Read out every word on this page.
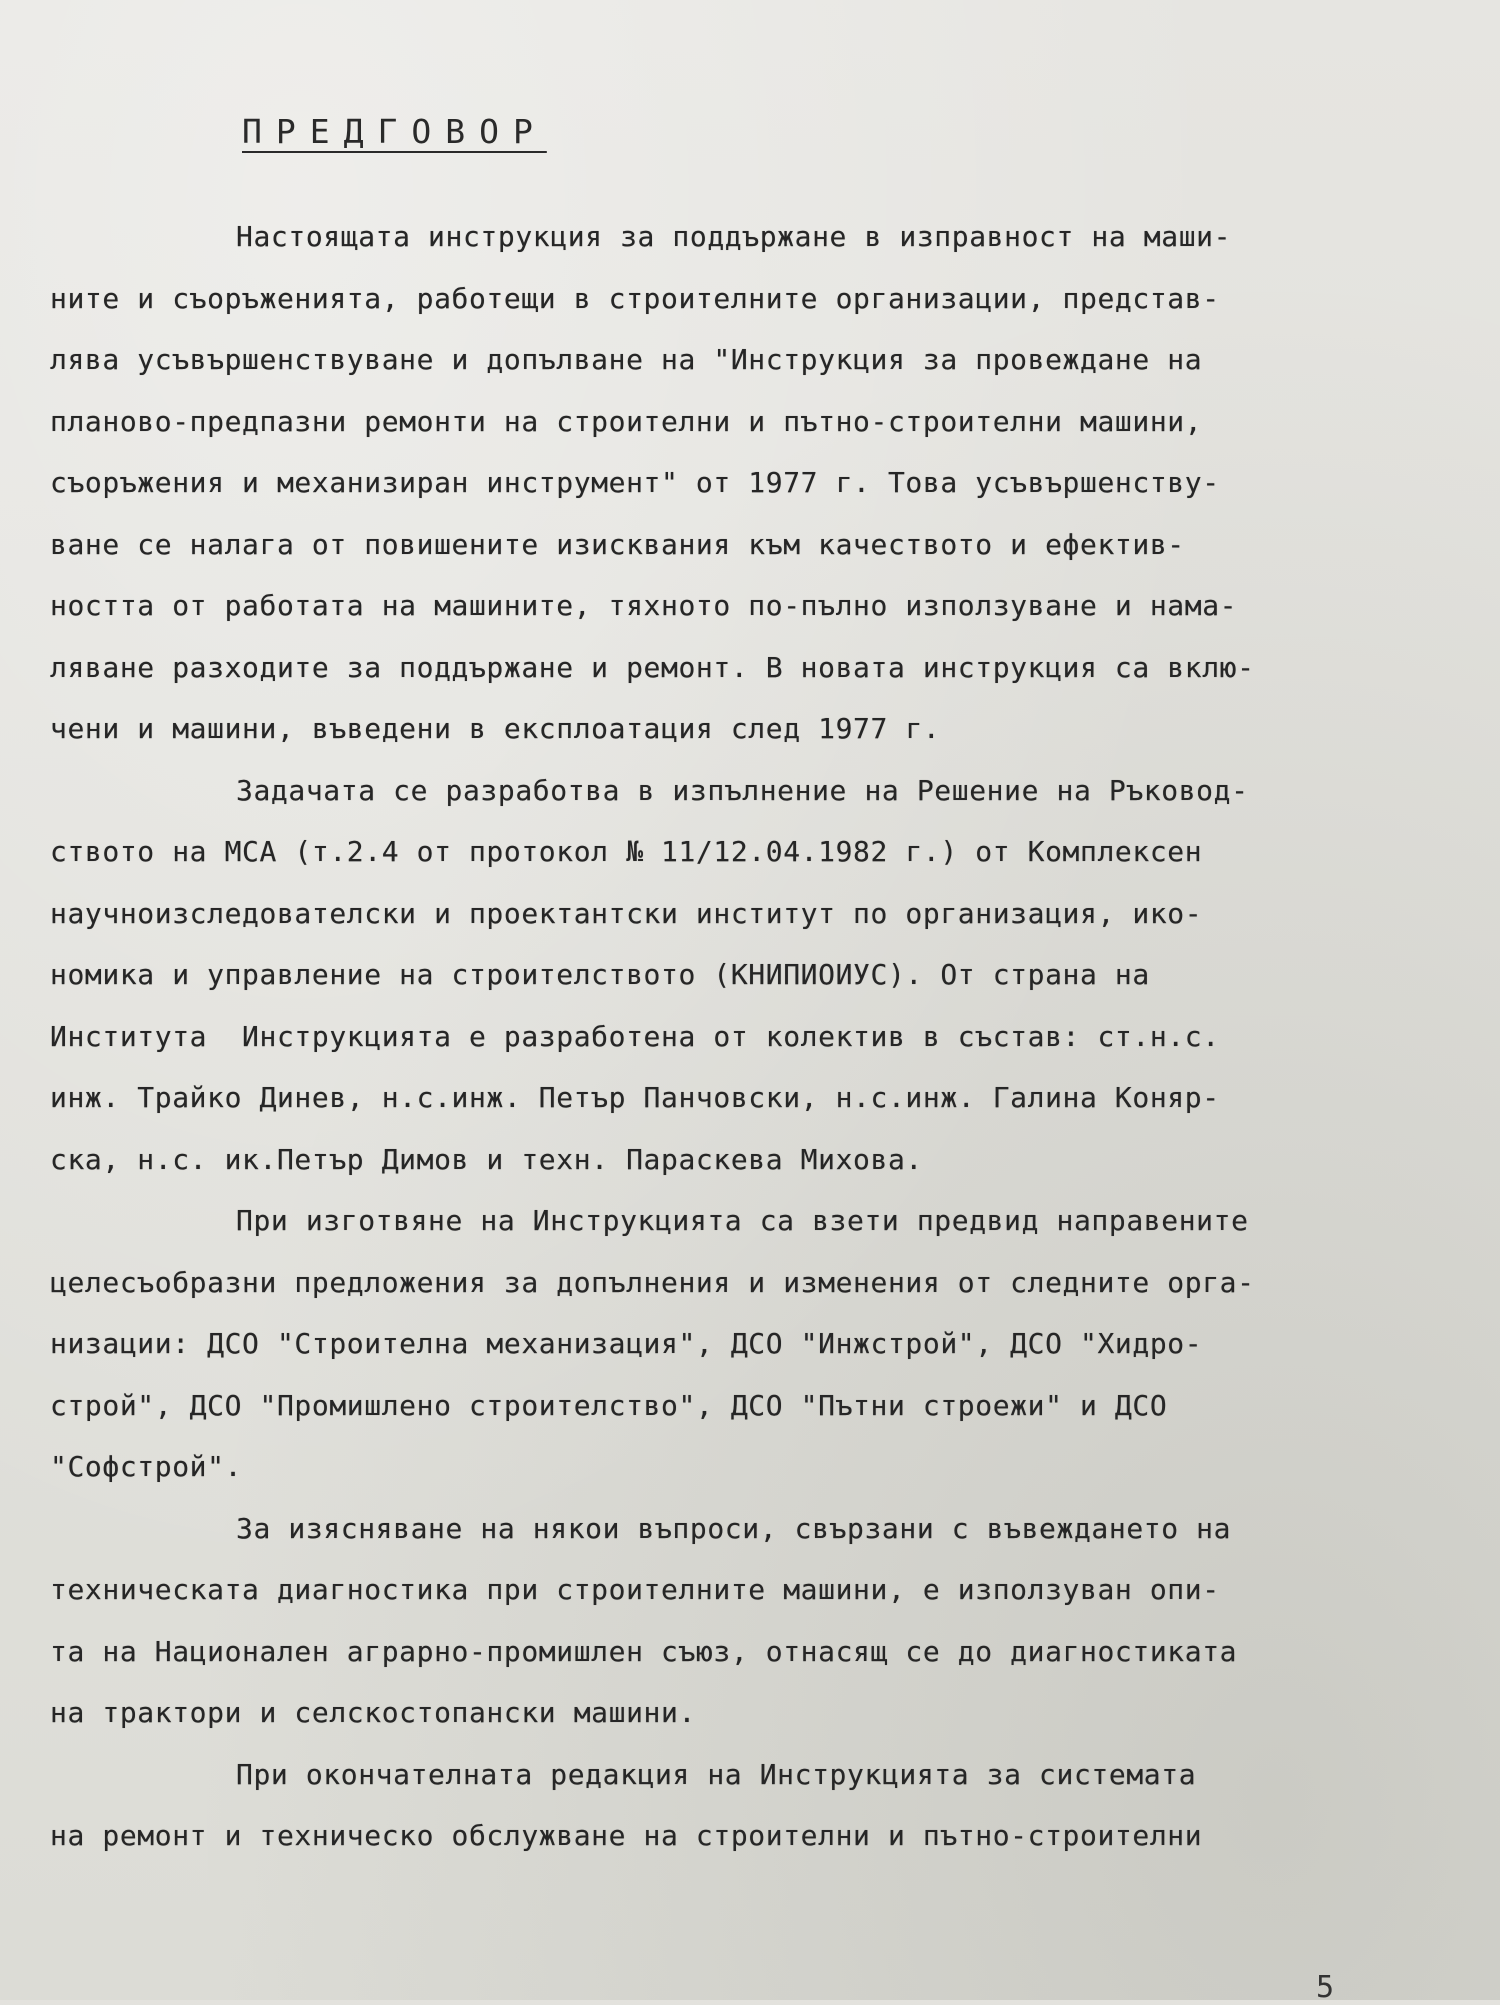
ПРЕДГОВОР
Настоящата инструкция за поддържане в изправност на маши-
ните и съоръженията, работещи в строителните организации, представ-
лява усъвършенствуване и допълване на "Инструкция за провеждане на
планово-предпазни ремонти на строителни и пътно-строителни машини,
съоръжения и механизиран инструмент" от 1977 г. Това усъвършенству-
ване се налага от повишените изисквания към качеството и ефектив-
ността от работата на машините, тяхното по-пълно използуване и нама-
ляване разходите за поддържане и ремонт. В новата инструкция са вклю-
чени и машини, въведени в експлоатация след 1977 г.
Задачата се разработва в изпълнение на Решение на Ръковод-
ството на МСА (т.2.4 от протокол № 11/12.04.1982 г.) от Комплексен
научноизследователски и проектантски институт по организация, ико-
номика и управление на строителството (КНИПИОИУС). От страна на
Института  Инструкцията е разработена от колектив в състав: ст.н.с.
инж. Трайко Динев, н.с.инж. Петър Панчовски, н.с.инж. Галина Коняр-
ска, н.с. ик.Петър Димов и техн. Параскева Михова.
При изготвяне на Инструкцията са взети предвид направените
целесъобразни предложения за допълнения и изменения от следните орга-
низации: ДСО "Строителна механизация", ДСО "Инжстрой", ДСО "Хидро-
строй", ДСО "Промишлено строителство", ДСО "Пътни строежи" и ДСО
"Софстрой".
За изясняване на някои въпроси, свързани с въвеждането на
техническата диагностика при строителните машини, е използуван опи-
та на Национален аграрно-промишлен съюз, отнасящ се до диагностиката
на трактори и селскостопански машини.
При окончателната редакция на Инструкцията за системата
на ремонт и техническо обслужване на строителни и пътно-строителни
5
